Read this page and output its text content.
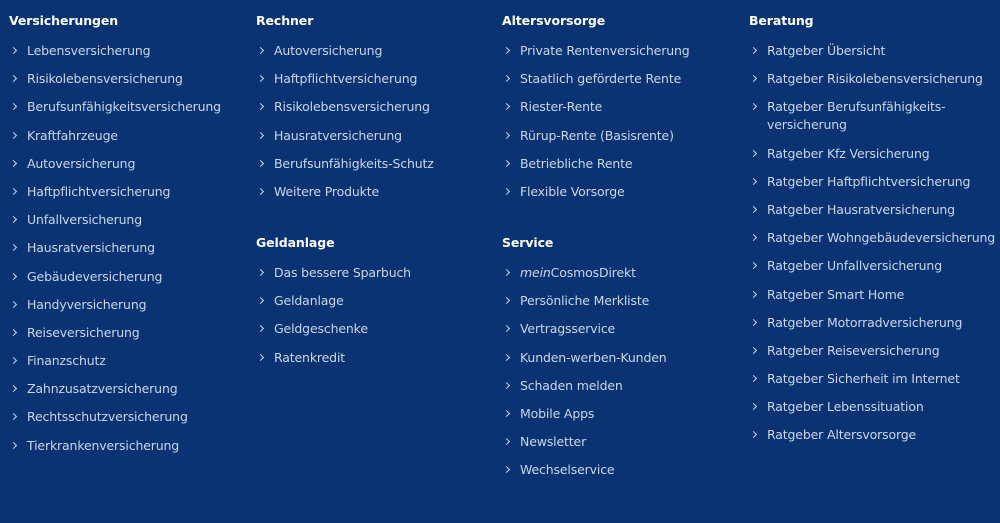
Versicherungen
Lebensversicherung
Risikolebensversicherung
Berufsunfähigkeitsversicherung
Kraftfahrzeuge
Autoversicherung
Haftpflichtversicherung
Unfallversicherung
Hausratversicherung
Gebäudeversicherung
Handyversicherung
Reiseversicherung
Finanzschutz
Zahnzusatzversicherung
Rechtsschutzversicherung
Tierkrankenversicherung
Rechner
Autoversicherung
Haftpflichtversicherung
Risikolebensversicherung
Hausratversicherung
Berufsunfähigkeits-Schutz
Weitere Produkte
Geldanlage
Das bessere Sparbuch
Geldanlage
Geldgeschenke
Ratenkredit
Altersvorsorge
Private Rentenversicherung
Staatlich geförderte Rente
Riester-Rente
Rürup-Rente (Basisrente)
Betriebliche Rente
Flexible Vorsorge
Service
meinCosmosDirekt
Persönliche Merkliste
Vertragsservice
Kunden-werben-Kunden
Schaden melden
Mobile Apps
Newsletter
Wechselservice
Beratung
Ratgeber Übersicht
Ratgeber Risikolebensversicherung
Ratgeber Berufsunfähigkeits-versicherung
Ratgeber Kfz Versicherung
Ratgeber Haftpflichtversicherung
Ratgeber Hausratversicherung
Ratgeber Wohngebäudeversicherung
Ratgeber Unfallversicherung
Ratgeber Smart Home
Ratgeber Motorradversicherung
Ratgeber Reiseversicherung
Ratgeber Sicherheit im Internet
Ratgeber Lebenssituation
Ratgeber Altersvorsorge
